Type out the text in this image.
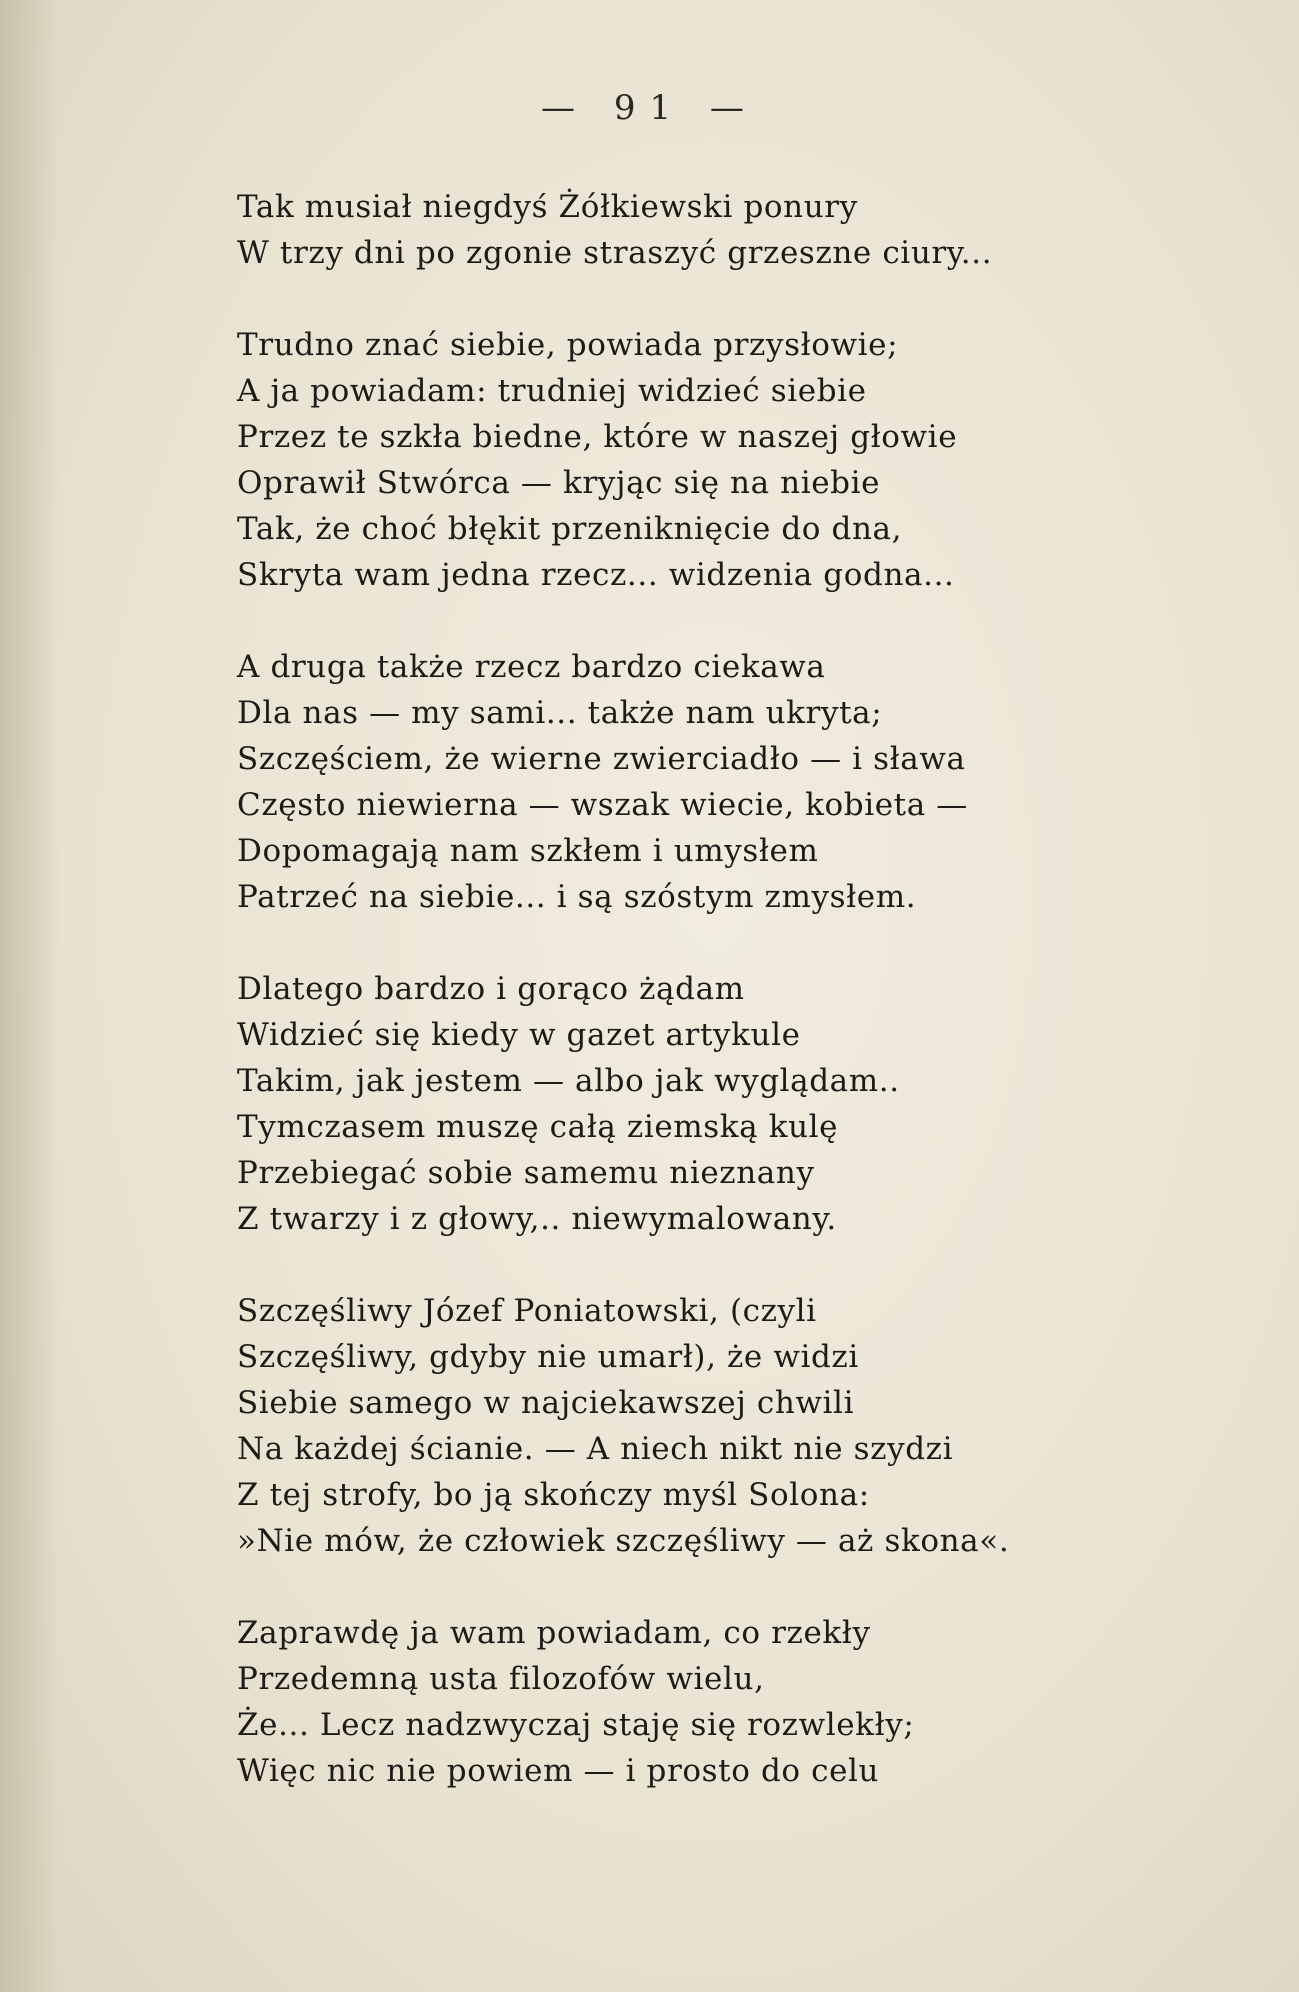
— 91 —
Tak musiał niegdyś Żółkiewski ponury
W trzy dni po zgonie straszyć grzeszne ciury...
Trudno znać siebie, powiada przysłowie;
A ja powiadam: trudniej widzieć siebie
Przez te szkła biedne, które w naszej głowie
Oprawił Stwórca — kryjąc się na niebie
Tak, że choć błękit przeniknięcie do dna,
Skryta wam jedna rzecz... widzenia godna...
A druga także rzecz bardzo ciekawa
Dla nas — my sami... także nam ukryta;
Szczęściem, że wierne zwierciadło — i sława
Często niewierna — wszak wiecie, kobieta —
Dopomagają nam szkłem i umysłem
Patrzeć na siebie... i są szóstym zmysłem.
Dlatego bardzo i gorąco żądam
Widzieć się kiedy w gazet artykule
Takim, jak jestem — albo jak wyglądam..
Tymczasem muszę całą ziemską kulę
Przebiegać sobie samemu nieznany
Z twarzy i z głowy,.. niewymalowany.
Szczęśliwy Józef Poniatowski, (czyli
Szczęśliwy, gdyby nie umarł), że widzi
Siebie samego w najciekawszej chwili
Na każdej ścianie. — A niech nikt nie szydzi
Z tej strofy, bo ją skończy myśl Solona:
»Nie mów, że człowiek szczęśliwy — aż skona«.
Zaprawdę ja wam powiadam, co rzekły
Przedemną usta filozofów wielu,
Że... Lecz nadzwyczaj staję się rozwlekły;
Więc nic nie powiem — i prosto do celu
